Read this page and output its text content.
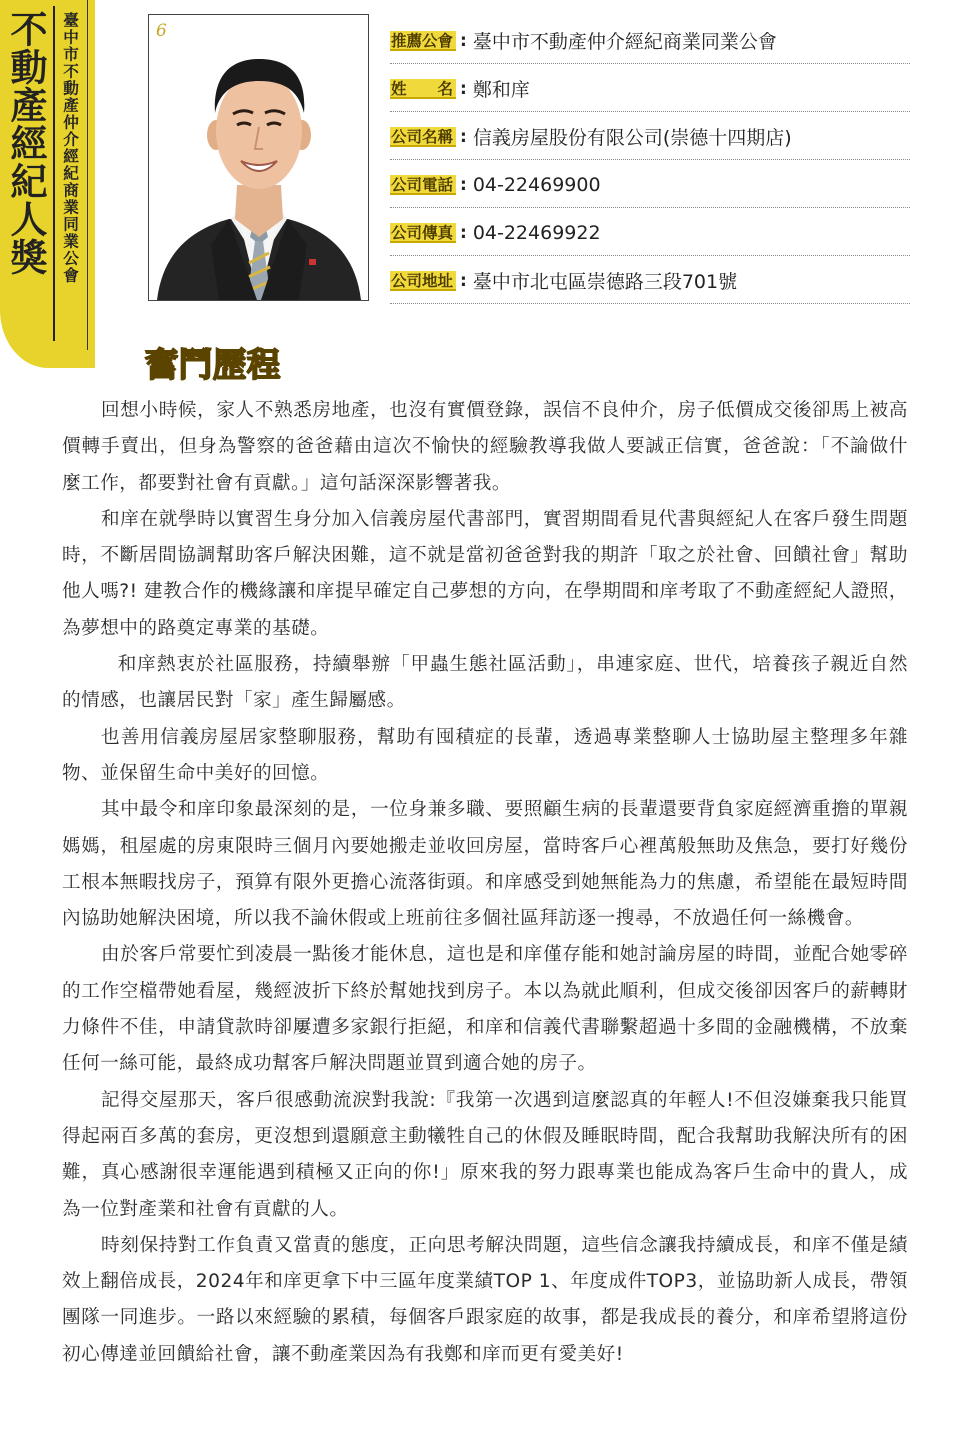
不動產經紀人獎 臺中市不動產仲介經紀商業同業公會	6	推薦公會 : 臺中市不動產仲介經紀商業同業公會
姓　　名 : 鄭和庠
公司名稱 : 信義房屋股份有限公司(崇德十四期店)
公司電話 : 04-22469900
公司傳真 : 04-22469922
公司地址 : 臺中市北屯區崇德路三段701號
奮鬥歷程

回想小時候，家人不熟悉房地產，也沒有實價登錄，誤信不良仲介，房子低價成交後卻馬上被高價轉手賣出，但身為警察的爸爸藉由這次不愉快的經驗教導我做人要誠正信實，爸爸說：「不論做什麼工作，都要對社會有貢獻。」這句話深深影響著我。

和庠在就學時以實習生身分加入信義房屋代書部門，實習期間看見代書與經紀人在客戶發生問題時，不斷居間協調幫助客戶解決困難，這不就是當初爸爸對我的期許「取之於社會、回饋社會」幫助他人嗎?! 建教合作的機緣讓和庠提早確定自己夢想的方向，在學期間和庠考取了不動產經紀人證照，為夢想中的路奠定專業的基礎。

和庠熱衷於社區服務，持續舉辦「甲蟲生態社區活動」，串連家庭、世代，培養孩子親近自然的情感，也讓居民對「家」產生歸屬感。

也善用信義房屋居家整聊服務，幫助有囤積症的長輩，透過專業整聊人士協助屋主整理多年雜物、並保留生命中美好的回憶。

其中最令和庠印象最深刻的是，一位身兼多職、要照顧生病的長輩還要背負家庭經濟重擔的單親媽媽，租屋處的房東限時三個月內要她搬走並收回房屋，當時客戶心裡萬般無助及焦急，要打好幾份工根本無暇找房子，預算有限外更擔心流落街頭。和庠感受到她無能為力的焦慮，希望能在最短時間內協助她解決困境，所以我不論休假或上班前往多個社區拜訪逐一搜尋，不放過任何一絲機會。

由於客戶常要忙到凌晨一點後才能休息，這也是和庠僅存能和她討論房屋的時間，並配合她零碎的工作空檔帶她看屋，幾經波折下終於幫她找到房子。本以為就此順利，但成交後卻因客戶的薪轉財力條件不佳，申請貸款時卻屢遭多家銀行拒絕，和庠和信義代書聯繫超過十多間的金融機構，不放棄任何一絲可能，最終成功幫客戶解決問題並買到適合她的房子。

記得交屋那天，客戶很感動流淚對我說:『我第一次遇到這麼認真的年輕人!不但沒嫌棄我只能買得起兩百多萬的套房，更沒想到還願意主動犧牲自己的休假及睡眠時間，配合我幫助我解決所有的困難，真心感謝很幸運能遇到積極又正向的你!」原來我的努力跟專業也能成為客戶生命中的貴人，成為一位對產業和社會有貢獻的人。

時刻保持對工作負責又當責的態度，正向思考解決問題，這些信念讓我持續成長，和庠不僅是績效上翻倍成長，2024年和庠更拿下中三區年度業績TOP 1、年度成件TOP3，並協助新人成長，帶領團隊一同進步。一路以來經驗的累積，每個客戶跟家庭的故事，都是我成長的養分，和庠希望將這份初心傳達並回饋給社會，讓不動產業因為有我鄭和庠而更有愛美好!
